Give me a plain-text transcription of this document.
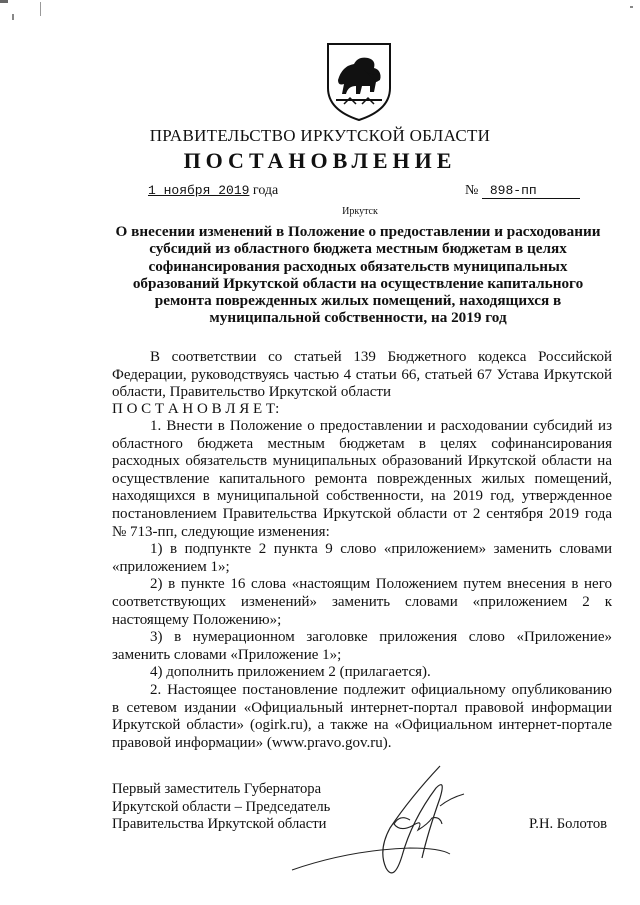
ПРАВИТЕЛЬСТВО ИРКУТСКОЙ ОБЛАСТИ
ПОСТАНОВЛЕНИЕ
1 ноября 2019 года	№ 898-пп
Иркутск
О внесении изменений в Положение о предоставлении и расходовании
субсидий из областного бюджета местным бюджетам в целях
софинансирования расходных обязательств муниципальных
образований Иркутской области на осуществление капитального
ремонта поврежденных жилых помещений, находящихся в
муниципальной собственности, на 2019 год

В соответствии со статьей 139 Бюджетного кодекса Российской Федерации, руководствуясь частью 4 статьи 66, статьей 67 Устава Иркутской области, Правительство Иркутской области

П О С Т А Н О В Л Я Е Т:

1. Внести в Положение о предоставлении и расходовании субсидий из областного бюджета местным бюджетам в целях софинансирования расходных обязательств муниципальных образований Иркутской области на осуществление капитального ремонта поврежденных жилых помещений, находящихся в муниципальной собственности, на 2019 год, утвержденное постановлением Правительства Иркутской области от 2 сентября 2019 года № 713-пп, следующие изменения:

1) в подпункте 2 пункта 9 слово «приложением» заменить словами «приложением 1»;

2) в пункте 16 слова «настоящим Положением путем внесения в него соответствующих изменений» заменить словами «приложением 2 к настоящему Положению»;

3) в нумерационном заголовке приложения слово «Приложение» заменить словами «Приложение 1»;

4) дополнить приложением 2 (прилагается).

2. Настоящее постановление подлежит официальному опубликованию в сетевом издании «Официальный интернет-портал правовой информации Иркутской области» (ogirk.ru), а также на «Официальном интернет-портале правовой информации» (www.pravo.gov.ru).

Первый заместитель Губернатора
Иркутской области – Председатель
Правительства Иркутской области	Р.Н. Болотов
